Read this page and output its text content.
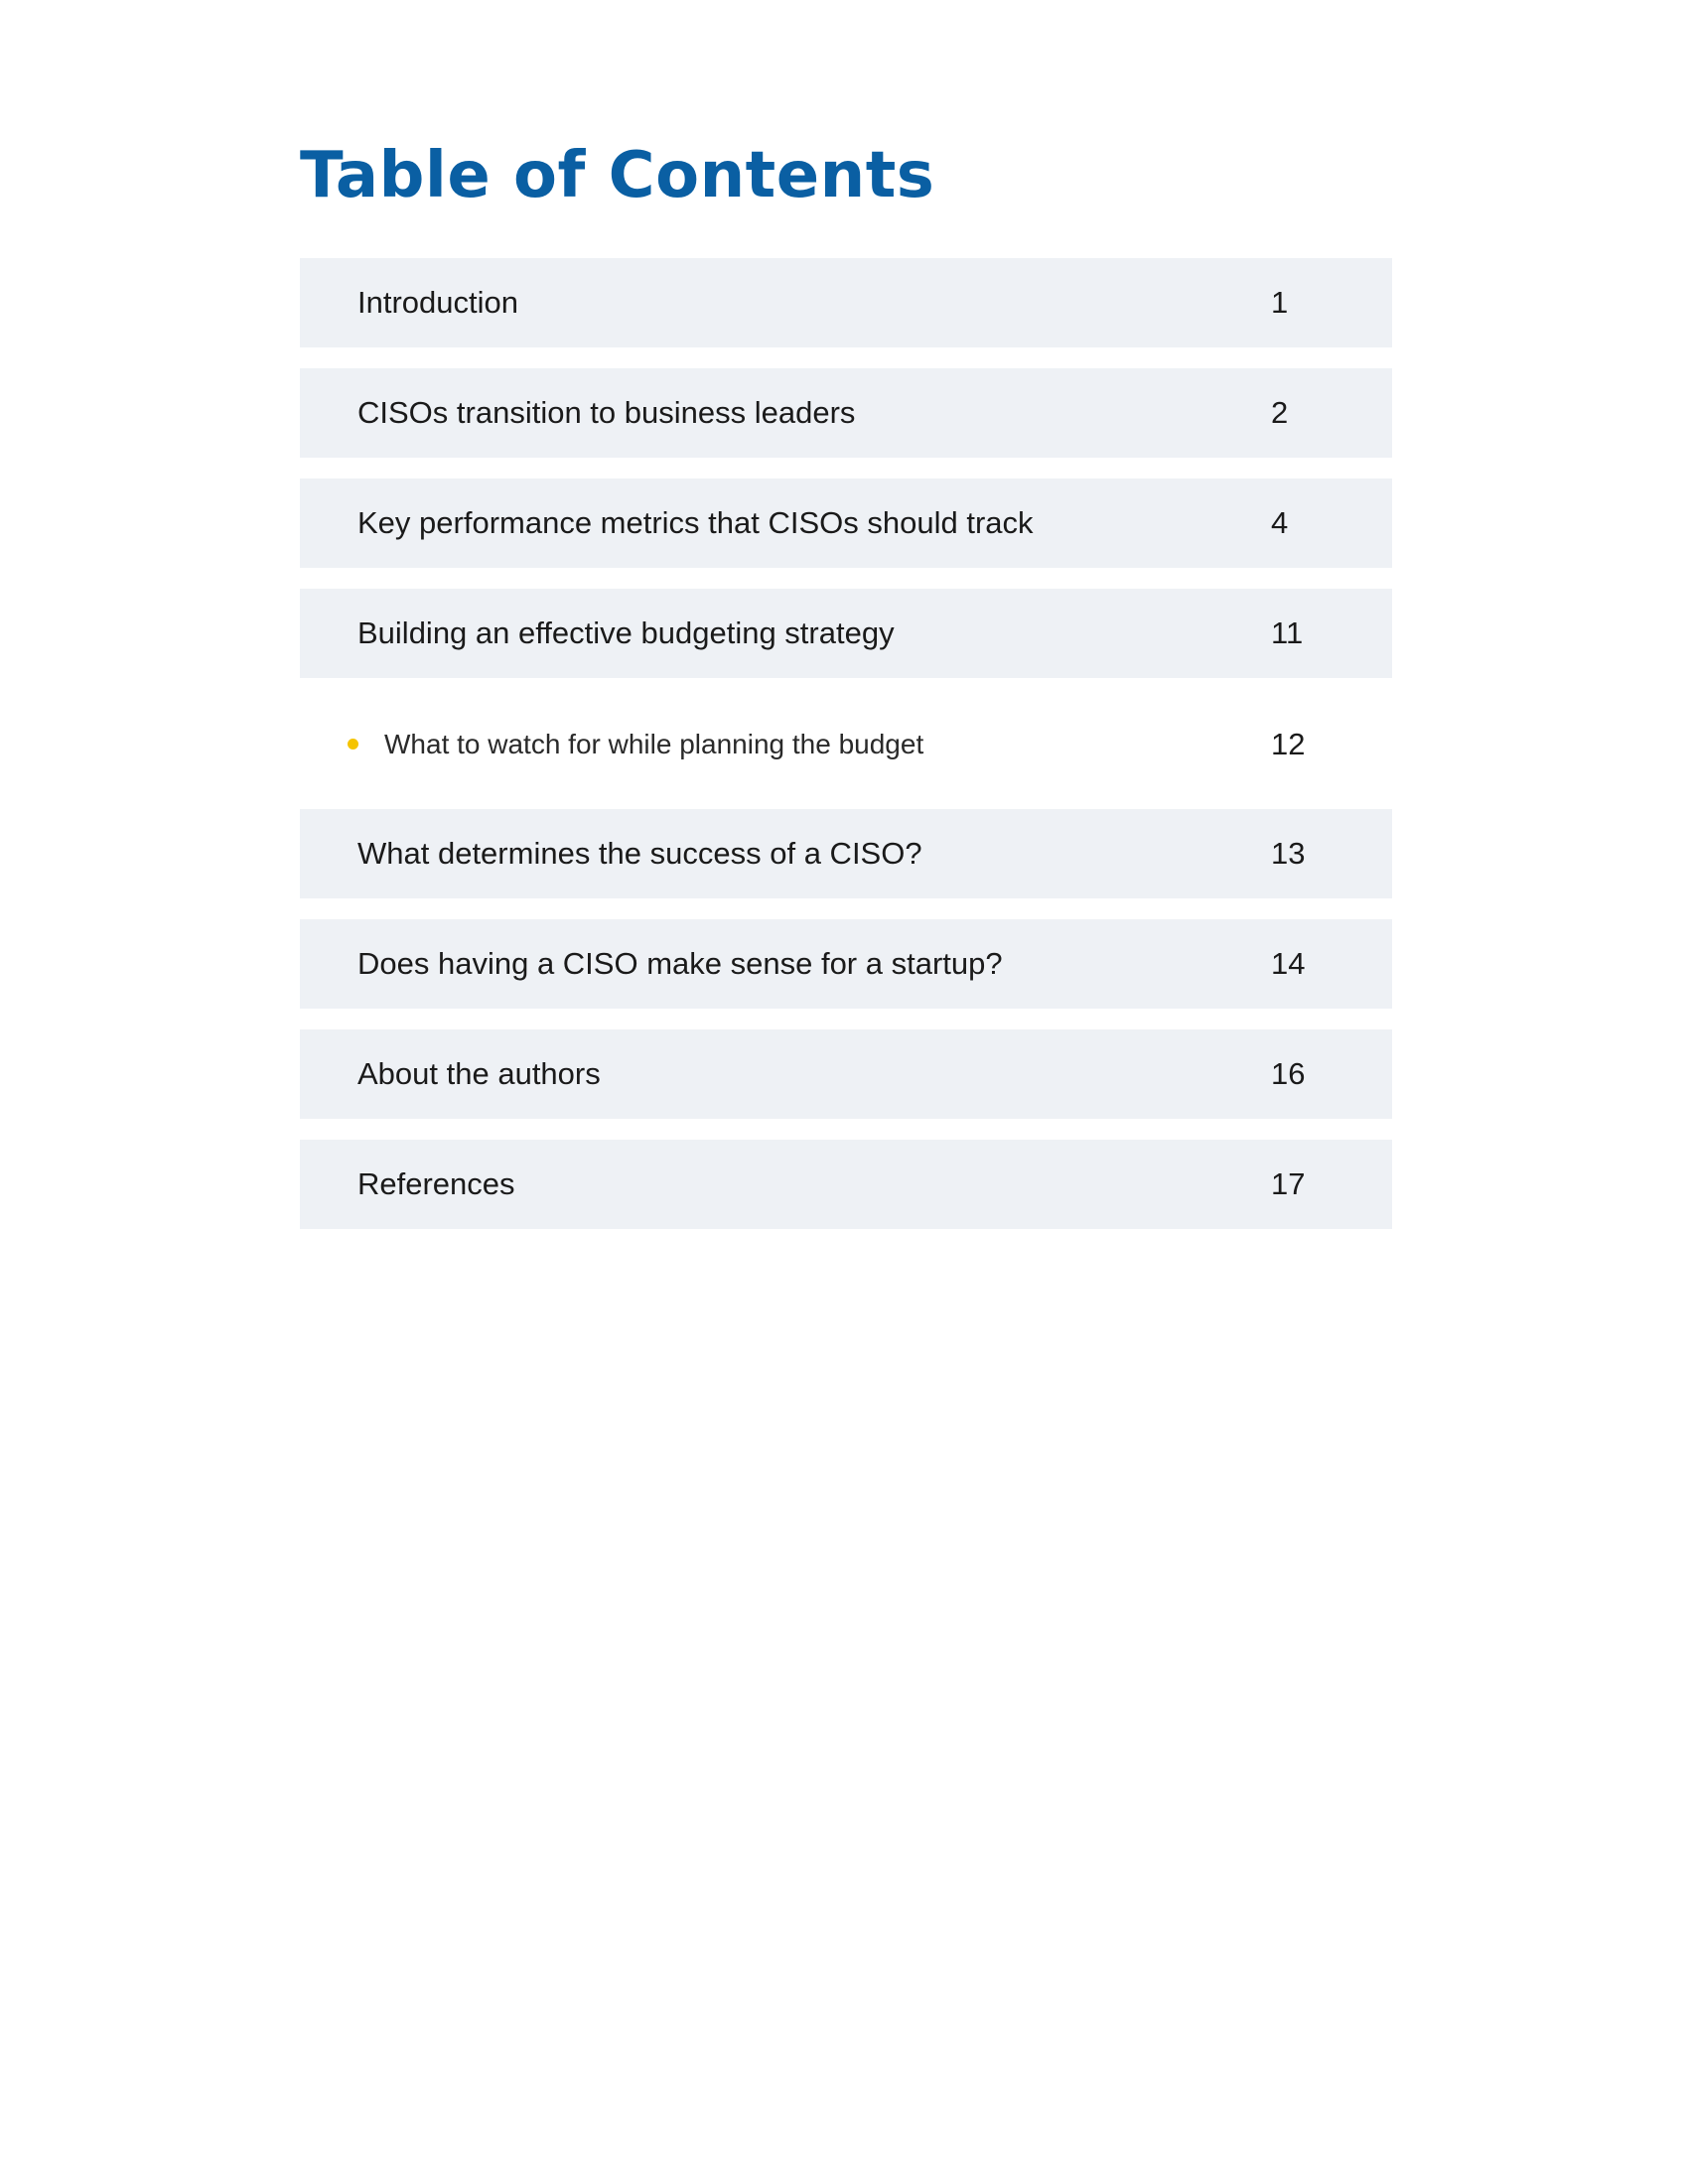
Table of Contents
Introduction	1
CISOs transition to business leaders	2
Key performance metrics that CISOs should track	4
Building an effective budgeting strategy	11
What to watch for while planning the budget	12
What determines the success of a CISO?	13
Does having a CISO make sense for a startup?	14
About the authors	16
References	17
